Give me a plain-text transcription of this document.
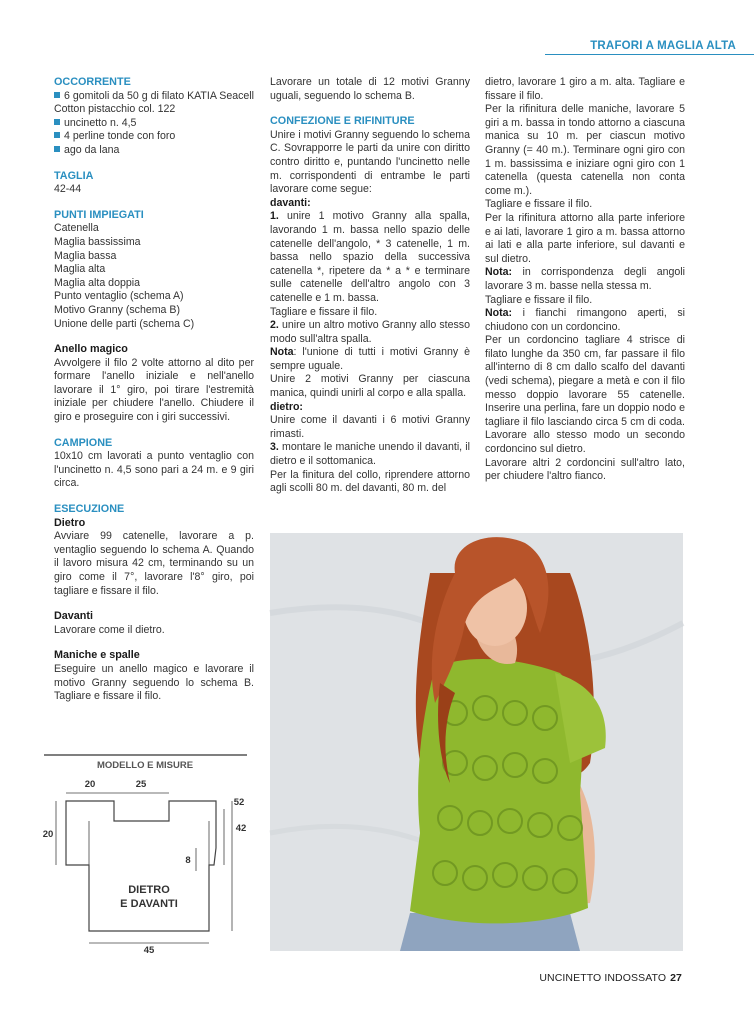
TRAFORI A MAGLIA ALTA
OCCORRENTE

6 gomitoli da 50 g di filato KATIA Seacell Cotton pistacchio col. 122

uncinetto n. 4,5

4 perline tonde con foro

ago da lana

TAGLIA

42-44

PUNTI IMPIEGATI

Catenella

Maglia bassissima

Maglia bassa

Maglia alta

Maglia alta doppia

Punto ventaglio (schema A)

Motivo Granny (schema B)

Unione delle parti (schema C)

Anello magico

Avvolgere il filo 2 volte attorno al dito per formare l'anello iniziale e nell'anello lavorare il 1° giro, poi tirare l'estremità iniziale per chiudere l'anello. Chiudere il giro e proseguire con i giri successivi.

CAMPIONE

10x10 cm lavorati a punto ventaglio con l'uncinetto n. 4,5 sono pari a 24 m. e 9 giri circa.

ESECUZIONE
Dietro

Avviare 99 catenelle, lavorare a p. ventaglio seguendo lo schema A. Quando il lavoro misura 42 cm, terminando su un giro come il 7°, lavorare l'8° giro, poi tagliare e fissare il filo.

Davanti

Lavorare come il dietro.

Maniche e spalle

Eseguire un anello magico e lavorare il motivo Granny seguendo lo schema B. Tagliare e fissare il filo.

Lavorare un totale di 12 motivi Granny uguali, seguendo lo schema B.

CONFEZIONE E RIFINITURE

Unire i motivi Granny seguendo lo schema C. Sovrapporre le parti da unire con diritto contro diritto e, puntando l'uncinetto nelle m. corrispondenti di entrambe le parti lavorare come segue:

davanti:

1. unire 1 motivo Granny alla spalla, lavorando 1 m. bassa nello spazio delle catenelle dell'angolo, * 3 catenelle, 1 m. bassa nello spazio della successiva catenella *, ripetere da * a * e terminare sulle catenelle dell'altro angolo con 3 catenelle e 1 m. bassa.

Tagliare e fissare il filo.

2. unire un altro motivo Granny allo stesso modo sull'altra spalla.

Nota: l'unione di tutti i motivi Granny è sempre uguale.

Unire 2 motivi Granny per ciascuna manica, quindi unirli al corpo e alla spalla.

dietro:

Unire come il davanti i 6 motivi Granny rimasti.

3. montare le maniche unendo il davanti, il dietro e il sottomanica.

Per la finitura del collo, riprendere attorno agli scolli 80 m. del davanti, 80 m. del

dietro, lavorare 1 giro a m. alta. Tagliare e fissare il filo.

Per la rifinitura delle maniche, lavorare 5 giri a m. bassa in tondo attorno a ciascuna manica su 10 m. per ciascun motivo Granny (= 40 m.). Terminare ogni giro con 1 m. bassissima e iniziare ogni giro con 1 catenella (questa catenella non conta come m.).

Tagliare e fissare il filo.

Per la rifinitura attorno alla parte inferiore e ai lati, lavorare 1 giro a m. bassa attorno ai lati e alla parte inferiore, sul davanti e sul dietro.

Nota: in corrispondenza degli angoli lavorare 3 m. basse nella stessa m.

Tagliare e fissare il filo.

Nota: i fianchi rimangono aperti, si chiudono con un cordoncino.

Per un cordoncino tagliare 4 strisce di filato lunghe da 350 cm, far passare il filo all'interno di 8 cm dallo scalfo del davanti (vedi schema), piegare a metà e con il filo messo doppio lavorare 55 catenelle. Inserire una perlina, fare un doppio nodo e tagliare il filo lasciando circa 5 cm di coda. Lavorare allo stesso modo un secondo cordoncino sul dietro.

Lavorare altri 2 cordoncini sull'altro lato, per chiudere l'altro fianco.

MODELLO E MISURE
20	25
20
52
42
8
45
DIETRO
E DAVANTI
UNCINETTO INDOSSATO 27
